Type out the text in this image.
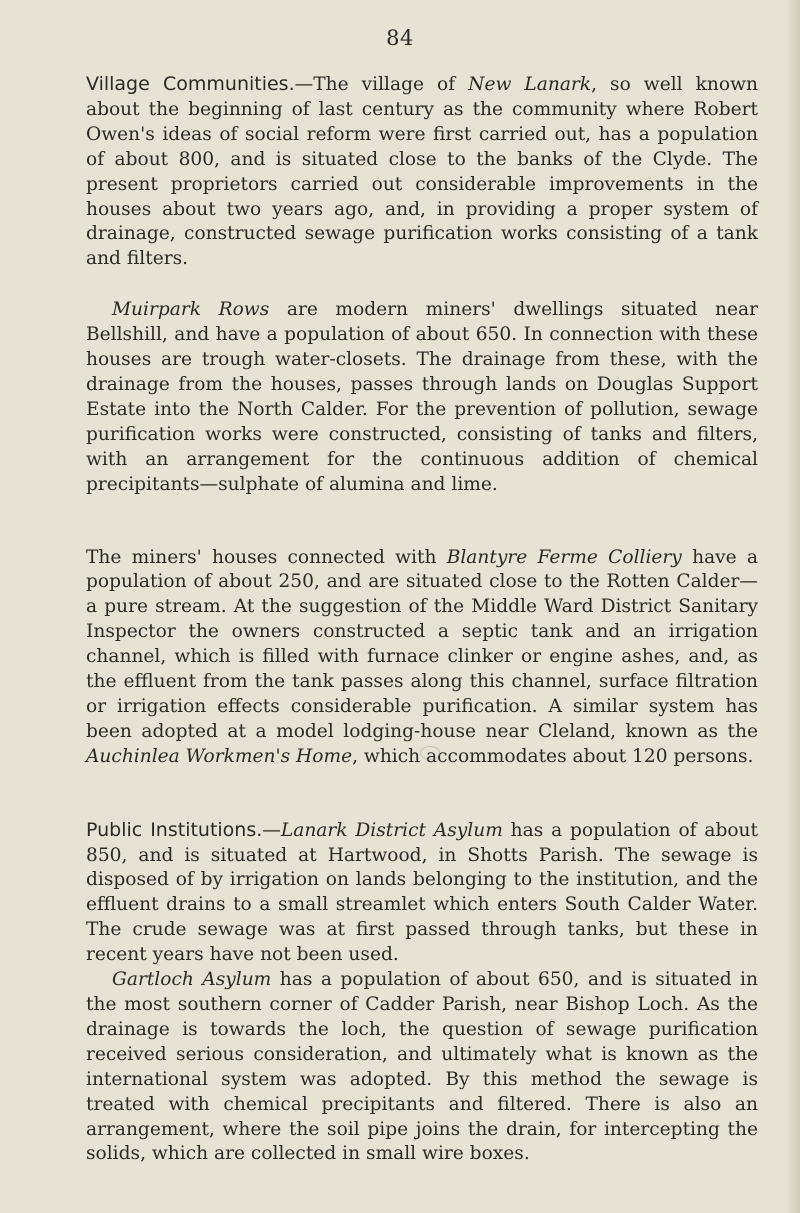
84

Village Communities.—The village of New Lanark, so well known about the beginning of last century as the community where Robert Owen's ideas of social reform were first carried out, has a population of about 800, and is situated close to the banks of the Clyde. The present proprietors carried out considerable improvements in the houses about two years ago, and, in providing a proper system of drainage, constructed sewage purification works consisting of a tank and filters.

Muirpark Rows are modern miners' dwellings situated near Bellshill, and have a population of about 650. In connection with these houses are trough water-closets. The drainage from these, with the drainage from the houses, passes through lands on Douglas Support Estate into the North Calder. For the prevention of pollution, sewage purification works were constructed, consisting of tanks and filters, with an arrangement for the continuous addition of chemical precipitants—sulphate of alumina and lime.

The miners' houses connected with Blantyre Ferme Colliery have a population of about 250, and are situated close to the Rotten Calder—a pure stream. At the suggestion of the Middle Ward District Sanitary Inspector the owners constructed a septic tank and an irrigation channel, which is filled with furnace clinker or engine ashes, and, as the effluent from the tank passes along this channel, surface filtration or irrigation effects considerable purification. A similar system has been adopted at a model lodging-house near Cleland, known as the Auchinlea Workmen's Home, which accommodates about 120 persons.

Public Institutions.—Lanark District Asylum has a population of about 850, and is situated at Hartwood, in Shotts Parish. The sewage is disposed of by irrigation on lands belonging to the institution, and the effluent drains to a small streamlet which enters South Calder Water. The crude sewage was at first passed through tanks, but these in recent years have not been used.

Gartloch Asylum has a population of about 650, and is situated in the most southern corner of Cadder Parish, near Bishop Loch. As the drainage is towards the loch, the question of sewage purification received serious consideration, and ultimately what is known as the international system was adopted. By this method the sewage is treated with chemical precipitants and filtered. There is also an arrangement, where the soil pipe joins the drain, for intercepting the solids, which are collected in small wire boxes.
